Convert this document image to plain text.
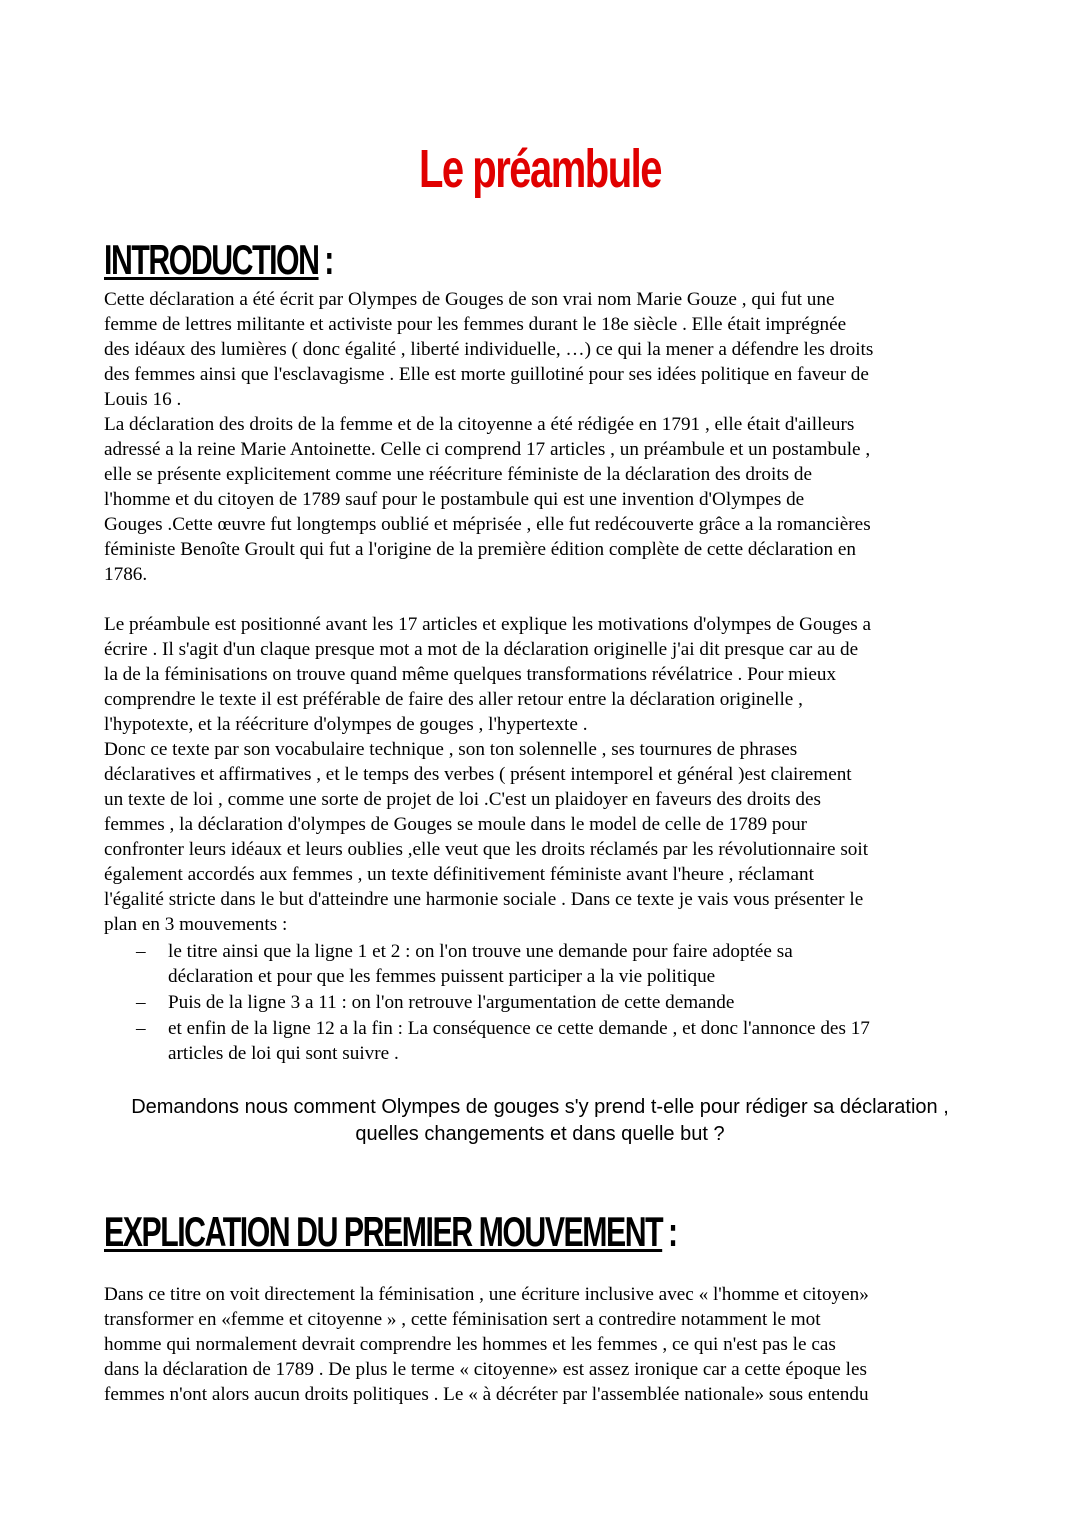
Le préambule
INTRODUCTION :

Cette déclaration a été écrit par Olympes de Gouges de son vrai nom Marie Gouze , qui fut une
femme de lettres militante et activiste pour les femmes durant le 18e siècle . Elle était imprégnée
des idéaux des lumières ( donc égalité , liberté individuelle, …) ce qui la mener a défendre les droits
des femmes ainsi que l'esclavagisme . Elle est morte guillotiné pour ses idées politique en faveur de
Louis 16 .
La déclaration des droits de la femme et de la citoyenne a été rédigée en 1791 , elle était d'ailleurs
adressé a la reine Marie Antoinette. Celle ci comprend 17 articles , un préambule et un postambule ,
elle se présente explicitement comme une réécriture féministe de la déclaration des droits de
l'homme et du citoyen de 1789 sauf pour le postambule qui est une invention d'Olympes de
Gouges .Cette œuvre fut longtemps oublié et méprisée , elle fut redécouverte grâce a la romancières
féministe Benoîte Groult qui fut a l'origine de la première édition complète de cette déclaration en
1786.

Le préambule est positionné avant les 17 articles et explique les motivations d'olympes de Gouges a
écrire . Il s'agit d'un claque presque mot a mot de la déclaration originelle j'ai dit presque car au de
la de la féminisations on trouve quand même quelques transformations révélatrice . Pour mieux
comprendre le texte il est préférable de faire des aller retour entre la déclaration originelle ,
l'hypotexte, et la réécriture d'olympes de gouges , l'hypertexte .
Donc ce texte par son vocabulaire technique , son ton solennelle , ses tournures de phrases
déclaratives et affirmatives , et le temps des verbes ( présent intemporel et général )est clairement
un texte de loi , comme une sorte de projet de loi .C'est un plaidoyer en faveurs des droits des
femmes , la déclaration d'olympes de Gouges se moule dans le model de celle de 1789 pour
confronter leurs idéaux et leurs oublies ,elle veut que les droits réclamés par les révolutionnaire soit
également accordés aux femmes , un texte définitivement féministe avant l'heure , réclamant
l'égalité stricte dans le but d'atteindre une harmonie sociale . Dans ce texte je vais vous présenter le
plan en 3 mouvements :

– le titre ainsi que la ligne 1 et 2 : on l'on trouve une demande pour faire adoptée sa
déclaration et pour que les femmes puissent participer a la vie politique
– Puis de la ligne 3 a 11 : on l'on retrouve l'argumentation de cette demande
– et enfin de la ligne 12 a la fin : La conséquence ce cette demande , et donc l'annonce des 17
articles de loi qui sont suivre .

Demandons nous comment Olympes de gouges s'y prend t-elle pour rédiger sa déclaration ,
quelles changements et dans quelle but ?

EXPLICATION DU PREMIER MOUVEMENT :

Dans ce titre on voit directement la féminisation , une écriture inclusive avec « l'homme et citoyen»
transformer en «femme et citoyenne » , cette féminisation sert a contredire notamment le mot
homme qui normalement devrait comprendre les hommes et les femmes , ce qui n'est pas le cas
dans la déclaration de 1789 . De plus le terme « citoyenne» est assez ironique car a cette époque les
femmes n'ont alors aucun droits politiques . Le « à décréter par l'assemblée nationale» sous entendu
